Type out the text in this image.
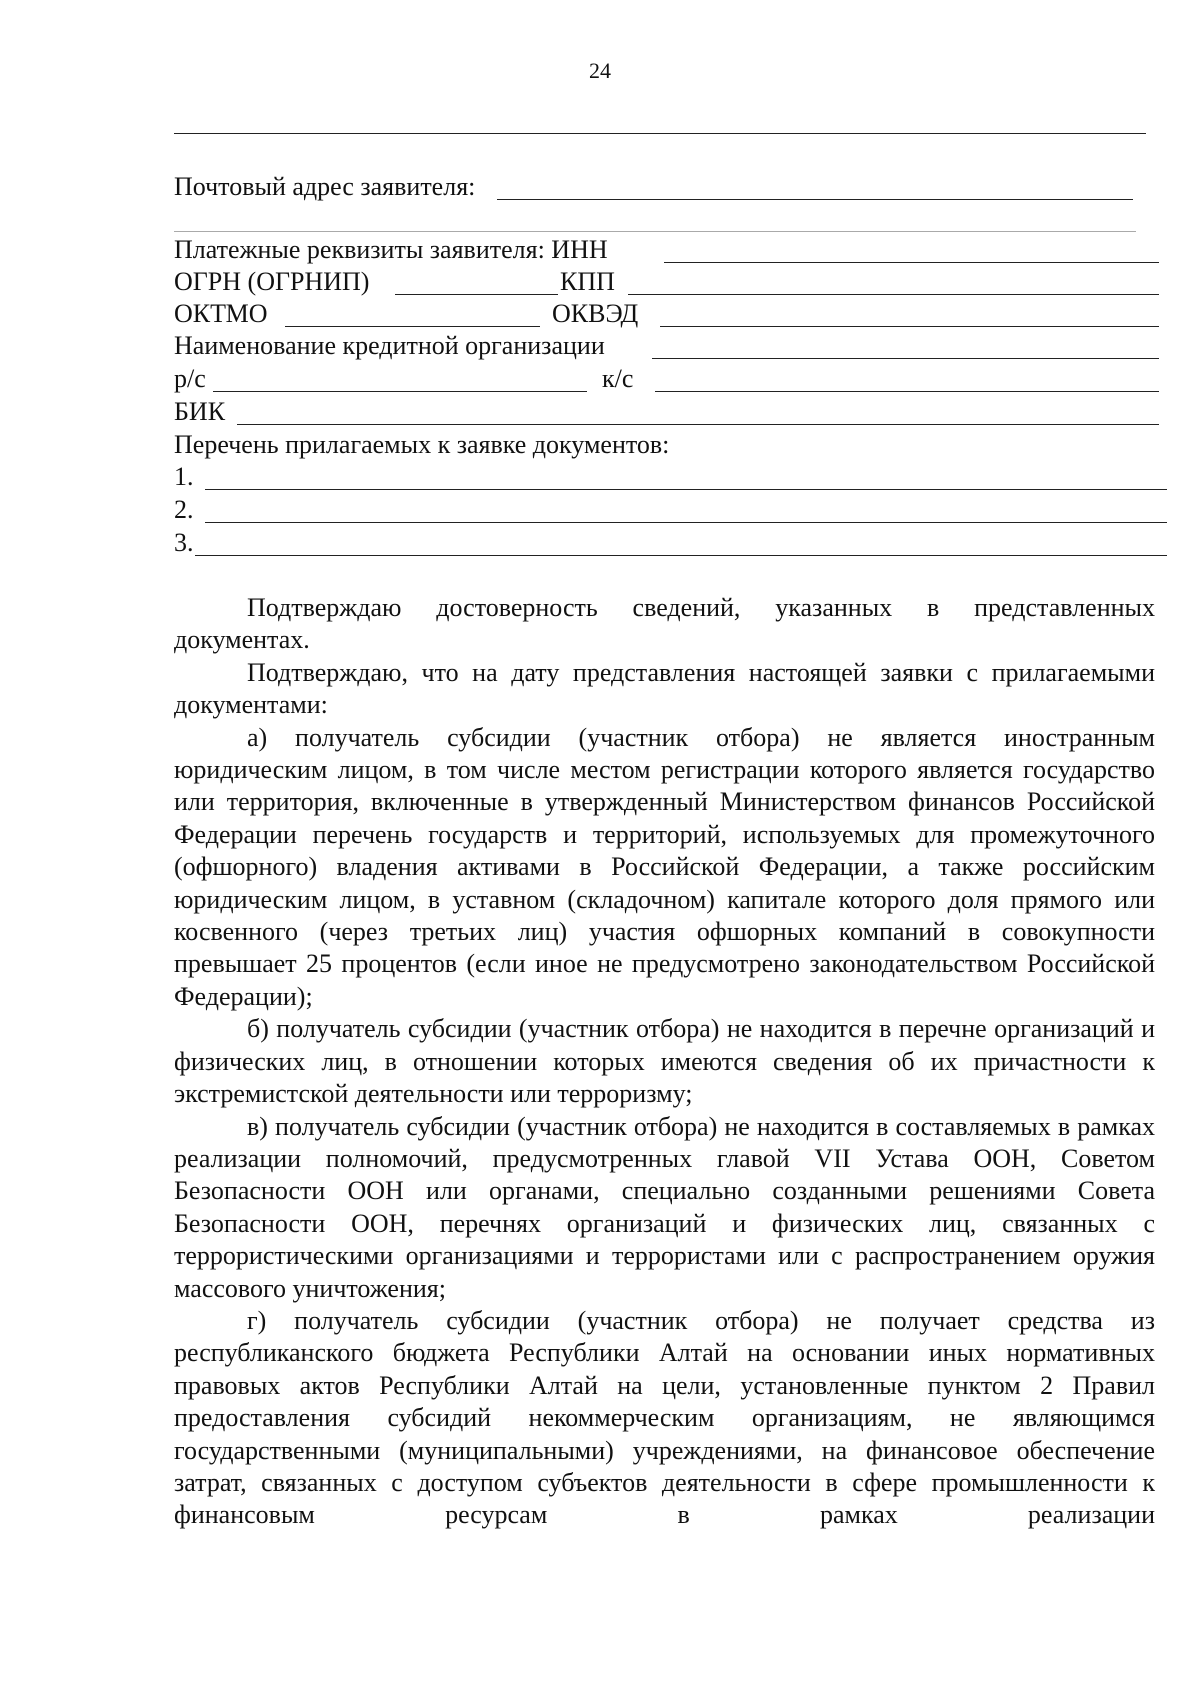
24
Почтовый адрес заявителя:
Платежные реквизиты заявителя: ИНН
ОГРН (ОГРНИП)	КПП
ОКТМО	ОКВЭД
Наименование кредитной организации
р/с	к/с
БИК
Перечень прилагаемых к заявке документов:
1.
2.
3.

Подтверждаю достоверность сведений, указанных в представленных документах.

Подтверждаю, что на дату представления настоящей заявки с прилагаемыми документами:

а) получатель субсидии (участник отбора) не является иностранным юридическим лицом, в том числе местом регистрации которого является государство или территория, включенные в утвержденный Министерством финансов Российской Федерации перечень государств и территорий, используемых для промежуточного (офшорного) владения активами в Российской Федерации, а также российским юридическим лицом, в уставном (складочном) капитале которого доля прямого или косвенного (через третьих лиц) участия офшорных компаний в совокупности превышает 25 процентов (если иное не предусмотрено законодательством Российской Федерации);

б) получатель субсидии (участник отбора) не находится в перечне организаций и физических лиц, в отношении которых имеются сведения об их причастности к экстремистской деятельности или терроризму;

в) получатель субсидии (участник отбора) не находится в составляемых в рамках реализации полномочий, предусмотренных главой VII Устава ООН, Советом Безопасности ООН или органами, специально созданными решениями Совета Безопасности ООН, перечнях организаций и физических лиц, связанных с террористическими организациями и террористами или с распространением оружия массового уничтожения;

г) получатель субсидии (участник отбора) не получает средства из республиканского бюджета Республики Алтай на основании иных нормативных правовых актов Республики Алтай на цели, установленные пунктом 2 Правил предоставления субсидий некоммерческим организациям, не являющимся государственными (муниципальными) учреждениями, на финансовое обеспечение затрат, связанных с доступом субъектов деятельности в сфере промышленности к финансовым ресурсам в рамках реализации
